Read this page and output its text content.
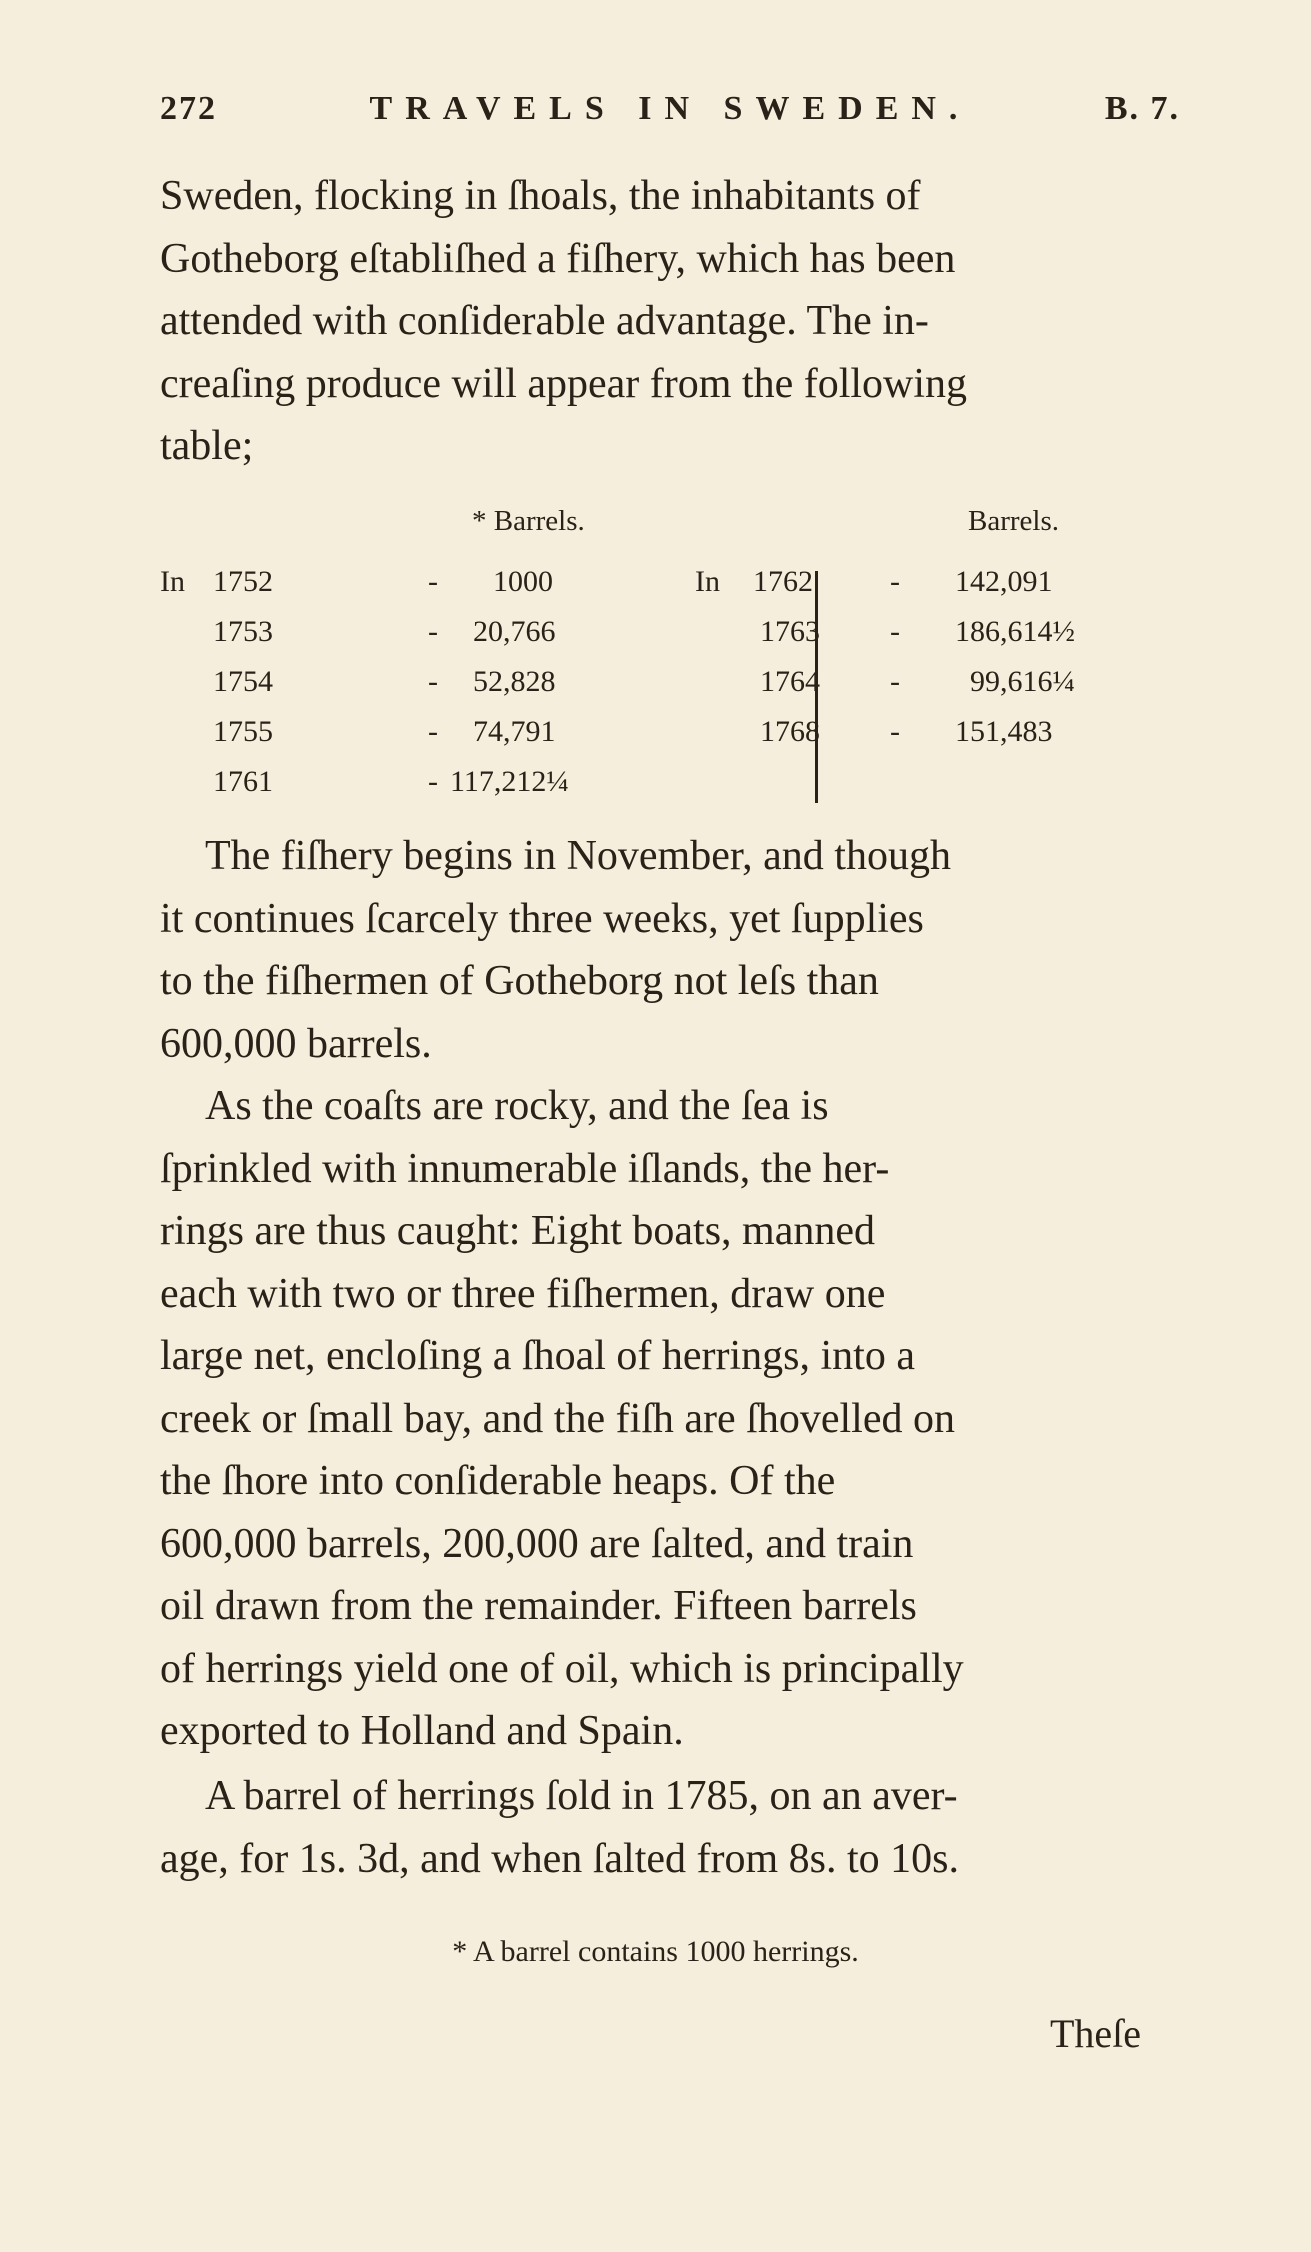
272	TRAVELS IN SWEDEN.	B. 7.
Sweden, flocking in ſhoals, the inhabitants of
Gotheborg eſtabliſhed a fiſhery, which has been
attended with conſiderable advantage. The in-
creaſing produce will appear from the following
table;
* Barrels.	Barrels.
In 1752	- 1000
1753	- 20,766
1754	- 52,828
1755	- 74,791
1761	- 117,212¼
In 1762	- 142,091
1763 - 186,614½
1764 - 99,616¼
1768 - 151,483
The fiſhery begins in November, and though
it continues ſcarcely three weeks, yet ſupplies
to the fiſhermen of Gotheborg not leſs than
600,000 barrels.
As the coaſts are rocky, and the ſea is
ſprinkled with innumerable iſlands, the her-
rings are thus caught: Eight boats, manned
each with two or three fiſhermen, draw one
large net, encloſing a ſhoal of herrings, into a
creek or ſmall bay, and the fiſh are ſhovelled on
the ſhore into conſiderable heaps. Of the
600,000 barrels, 200,000 are ſalted, and train
oil drawn from the remainder. Fifteen barrels
of herrings yield one of oil, which is principally
exported to Holland and Spain.
A barrel of herrings ſold in 1785, on an aver-
age, for 1s. 3d, and when ſalted from 8s. to 10s.
* A barrel contains 1000 herrings.
Theſe
